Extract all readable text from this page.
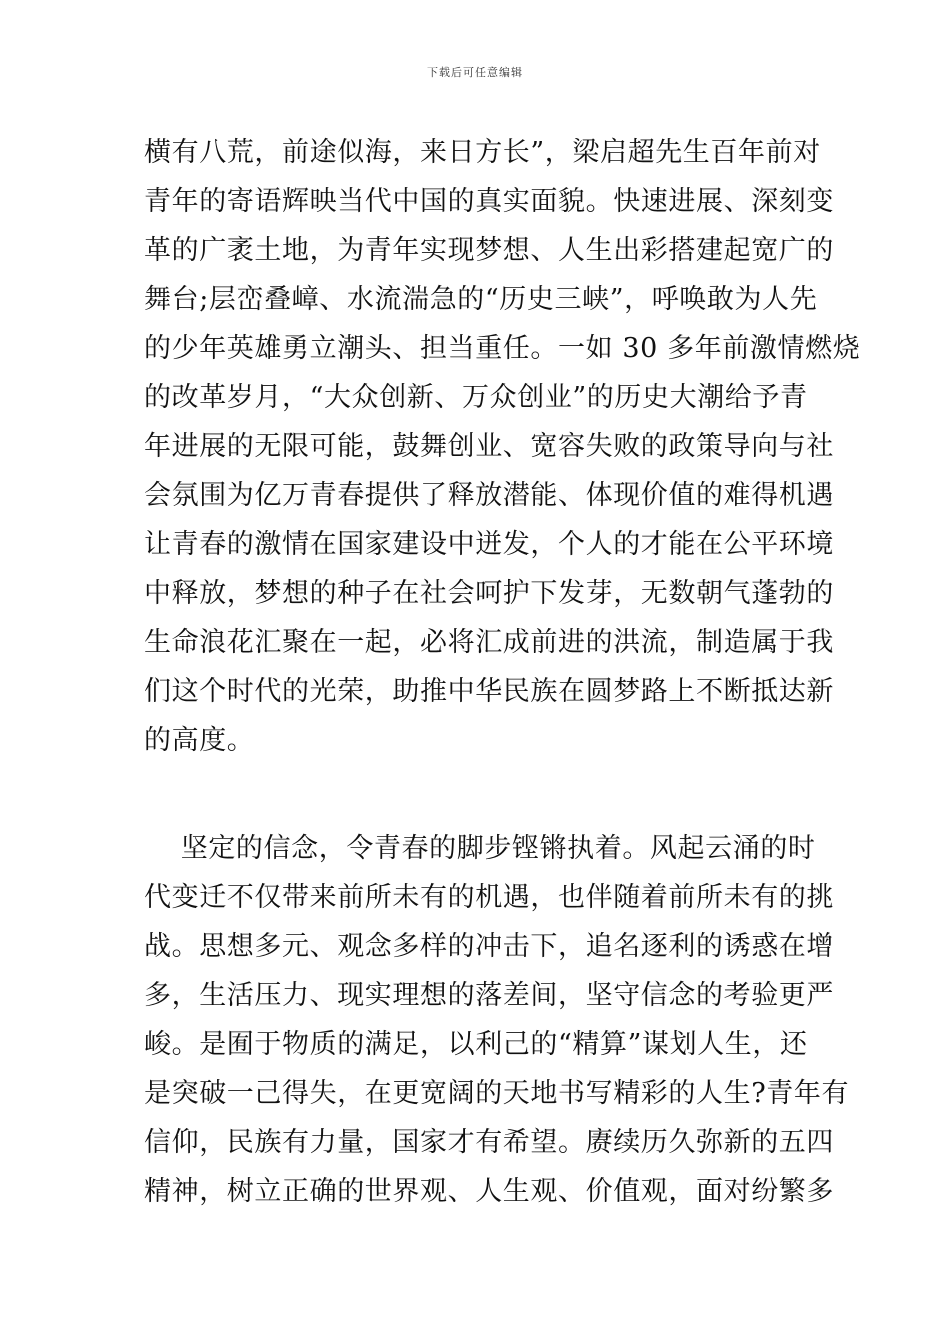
下载后可任意编辑
横有八荒，前途似海，来日方长”，梁启超先生百年前对
青年的寄语辉映当代中国的真实面貌。快速进展、深刻变
革的广袤土地，为青年实现梦想、人生出彩搭建起宽广的
舞台;层峦叠嶂、水流湍急的“历史三峡”，呼唤敢为人先
的少年英雄勇立潮头、担当重任。一如 30 多年前激情燃烧
的改革岁月，“大众创新、万众创业”的历史大潮给予青
年进展的无限可能，鼓舞创业、宽容失败的政策导向与社
会氛围为亿万青春提供了释放潜能、体现价值的难得机遇
让青春的激情在国家建设中迸发，个人的才能在公平环境
中释放，梦想的种子在社会呵护下发芽，无数朝气蓬勃的
生命浪花汇聚在一起，必将汇成前进的洪流，制造属于我
们这个时代的光荣，助推中华民族在圆梦路上不断抵达新
的高度。
坚定的信念，令青春的脚步铿锵执着。风起云涌的时
代变迁不仅带来前所未有的机遇，也伴随着前所未有的挑
战。思想多元、观念多样的冲击下，追名逐利的诱惑在增
多，生活压力、现实理想的落差间，坚守信念的考验更严
峻。是囿于物质的满足，以利己的“精算”谋划人生，还
是突破一己得失，在更宽阔的天地书写精彩的人生?青年有
信仰，民族有力量，国家才有希望。赓续历久弥新的五四
精神，树立正确的世界观、人生观、价值观，面对纷繁多
